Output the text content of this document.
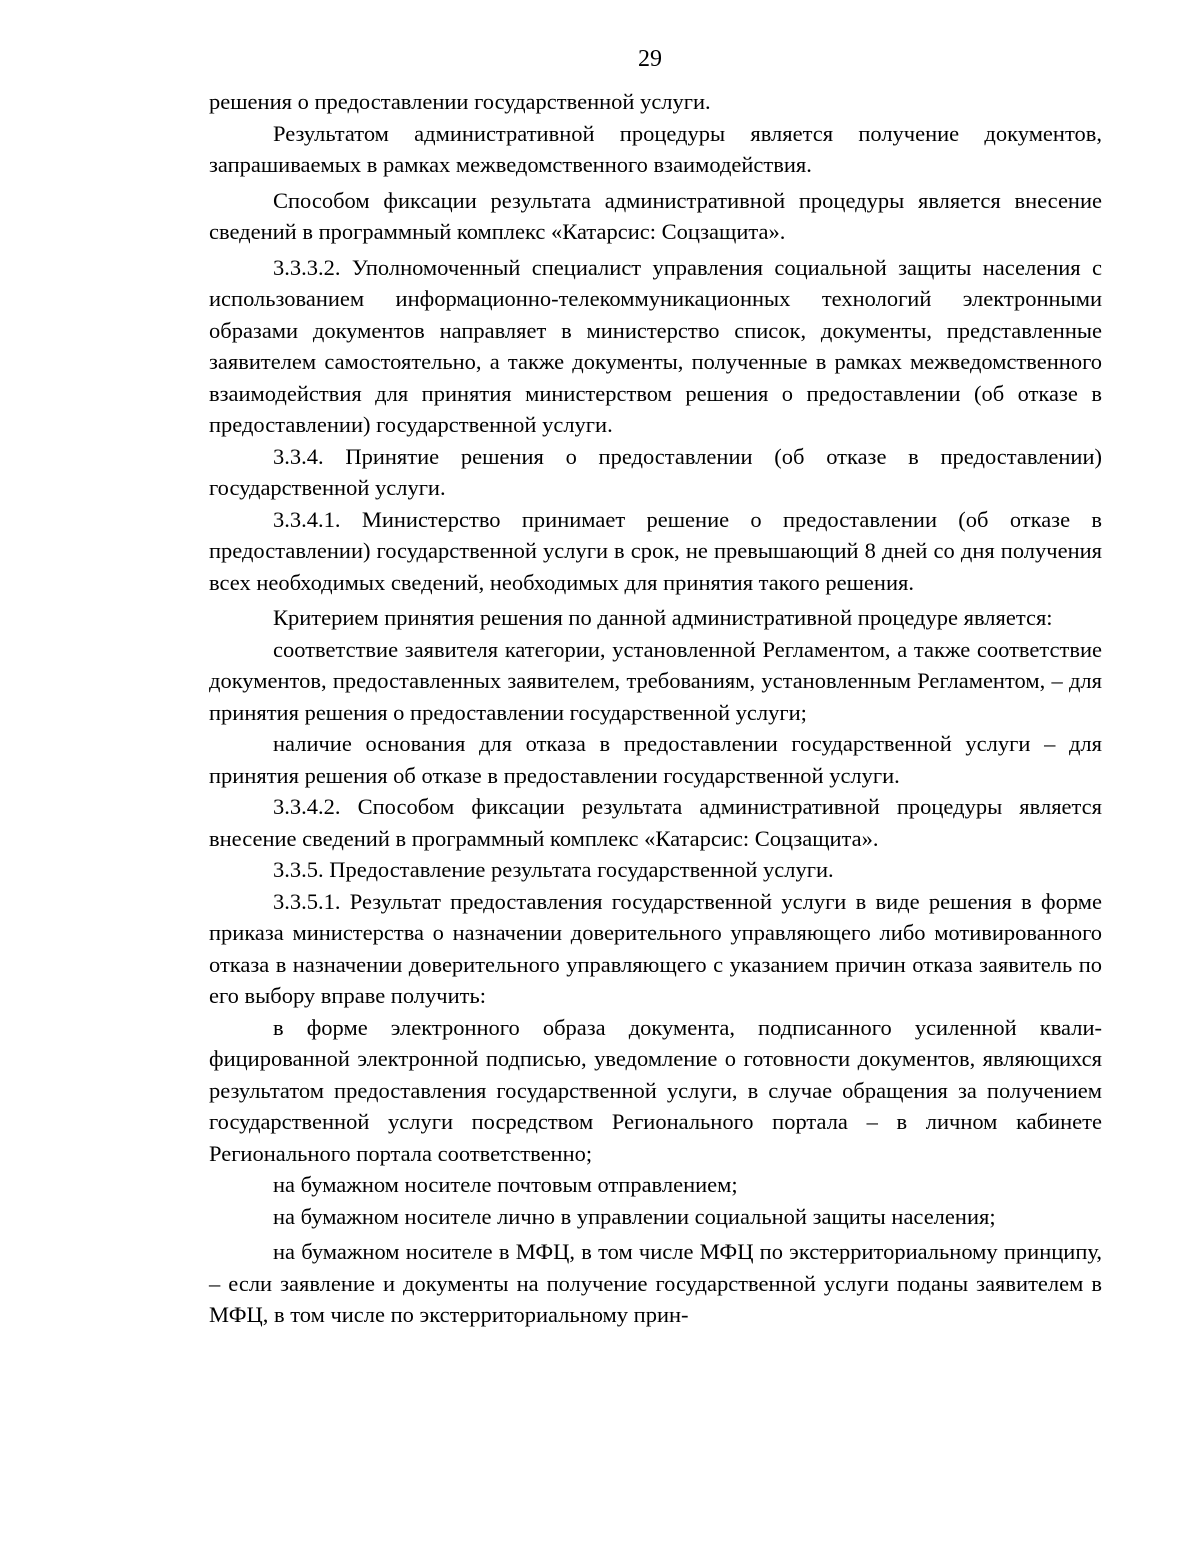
29

решения о предоставлении государственной услуги.

Результатом административной процедуры является получение документов, запрашиваемых в рамках межведомственного взаимодействия.

Способом фиксации результата административной процедуры является внесение сведений в программный комплекс «Катарсис: Соцзащита».

3.3.3.2. Уполномоченный специалист управления социальной защиты населения с использованием информационно-телекоммуникационных технологий электронными образами документов направляет в министерство список, документы, представленные заявителем самостоятельно, а также документы, полученные в рамках межведомственного взаимодействия для принятия министерством решения о предоставлении (об отказе в предоставлении) государственной услуги.

3.3.4. Принятие решения о предоставлении (об отказе в предоставлении) государственной услуги.

3.3.4.1. Министерство принимает решение о предоставлении (об отказе в предоставлении) государственной услуги в срок, не превышающий 8 дней со дня получения всех необходимых сведений, необходимых для принятия такого решения.

Критерием принятия решения по данной административной процедуре является:

соответствие заявителя категории, установленной Регламентом, а также соответствие документов, предоставленных заявителем, требованиям, установленным Регламентом, – для принятия решения о предоставлении государственной услуги;

наличие основания для отказа в предоставлении государственной услуги – для принятия решения об отказе в предоставлении государственной услуги.

3.3.4.2. Способом фиксации результата административной процедуры является внесение сведений в программный комплекс «Катарсис: Соцзащита».

3.3.5. Предоставление результата государственной услуги.

3.3.5.1. Результат предоставления государственной услуги в виде решения в форме приказа министерства о назначении доверительного управляющего либо мотивированного отказа в назначении доверительного управляющего с указанием причин отказа заявитель по его выбору вправе получить:

в форме электронного образа документа, подписанного усиленной квалифицированной электронной подписью, уведомление о готовности документов, являющихся результатом предоставления государственной услуги, в случае обращения за получением государственной услуги посредством Регионального портала – в личном кабинете Регионального портала соответственно;

на бумажном носителе почтовым отправлением;

на бумажном носителе лично в управлении социальной защиты населения;

на бумажном носителе в МФЦ, в том числе МФЦ по экстерриториальному принципу, – если заявление и документы на получение государственной услуги поданы заявителем в МФЦ, в том числе по экстерриториальному прин-
